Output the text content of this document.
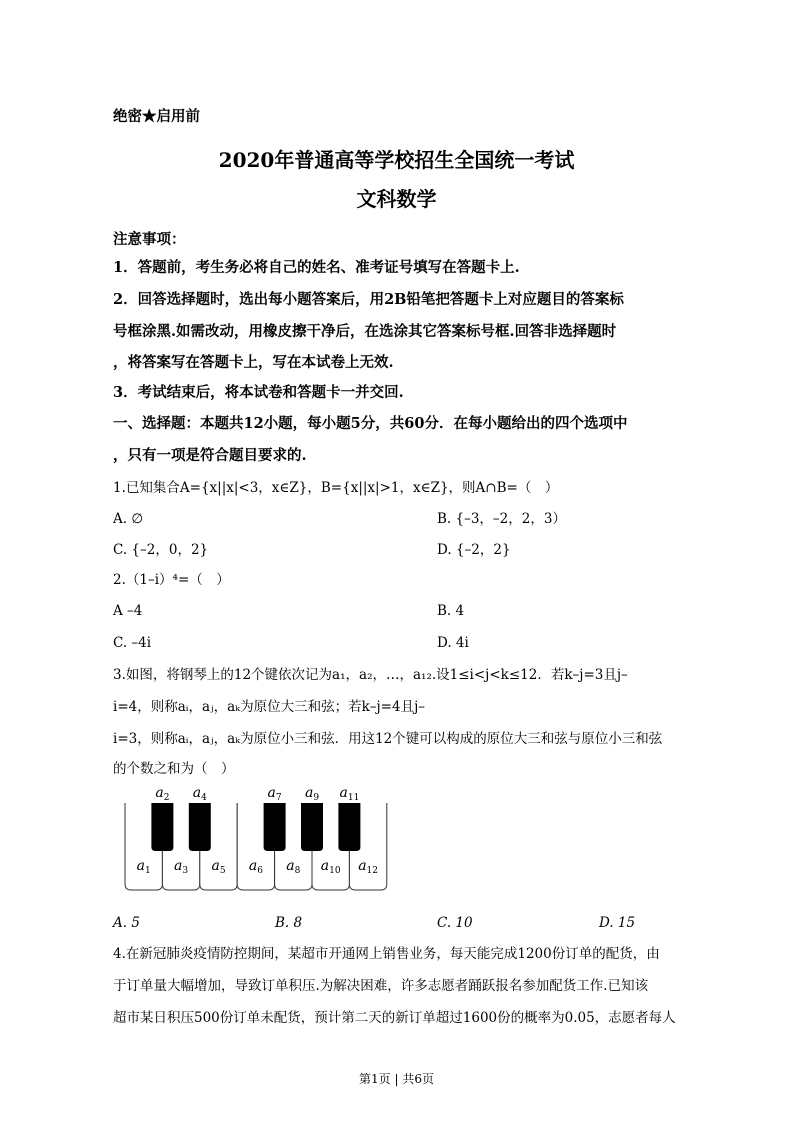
绝密★启用前
2020年普通高等学校招生全国统一考试
文科数学
注意事项：
1．答题前，考生务必将自己的姓名、准考证号填写在答题卡上.
2．回答选择题时，选出每小题答案后，用2B铅笔把答题卡上对应题目的答案标
号框涂黑.如需改动，用橡皮擦干净后，在选涂其它答案标号框.回答非选择题时
，将答案写在答题卡上，写在本试卷上无效.
3．考试结束后，将本试卷和答题卡一并交回.
一、选择题：本题共12小题，每小题5分，共60分．在每小题给出的四个选项中
，只有一项是符合题目要求的.
1.已知集合A={x||x|<3，x∈Z}，B={x||x|>1，x∈Z}，则A∩B=（　）
A. ∅	B. {–3，–2，2，3）
C. {–2，0，2}	D. {–2，2}
2.（1–i）⁴=（　）
A –4	B. 4
C. –4i	D. 4i
3.如图，将钢琴上的12个键依次记为a₁，a₂，…，a₁₂.设1≤i<j<k≤12．若k–j=3且j–
i=4，则称aᵢ，aⱼ，aₖ为原位大三和弦；若k–j=4且j–
i=3，则称aᵢ，aⱼ，aₖ为原位小三和弦．用这12个键可以构成的原位大三和弦与原位小三和弦
的个数之和为（　）
$a_1$ $a_3$ $a_5$ $a_6$ $a_8$ $a_{10}$ $a_{12}$
$a_2$ $a_4$	$a_7$ $a_9$ $a_{11}$
A. 5	B. 8	C. 10	D. 15
4.在新冠肺炎疫情防控期间，某超市开通网上销售业务，每天能完成1200份订单的配货，由
于订单量大幅增加，导致订单积压.为解决困难，许多志愿者踊跃报名参加配货工作.已知该
超市某日积压500份订单未配货，预计第二天的新订单超过1600份的概率为0.05，志愿者每人
第1页 | 共6页
